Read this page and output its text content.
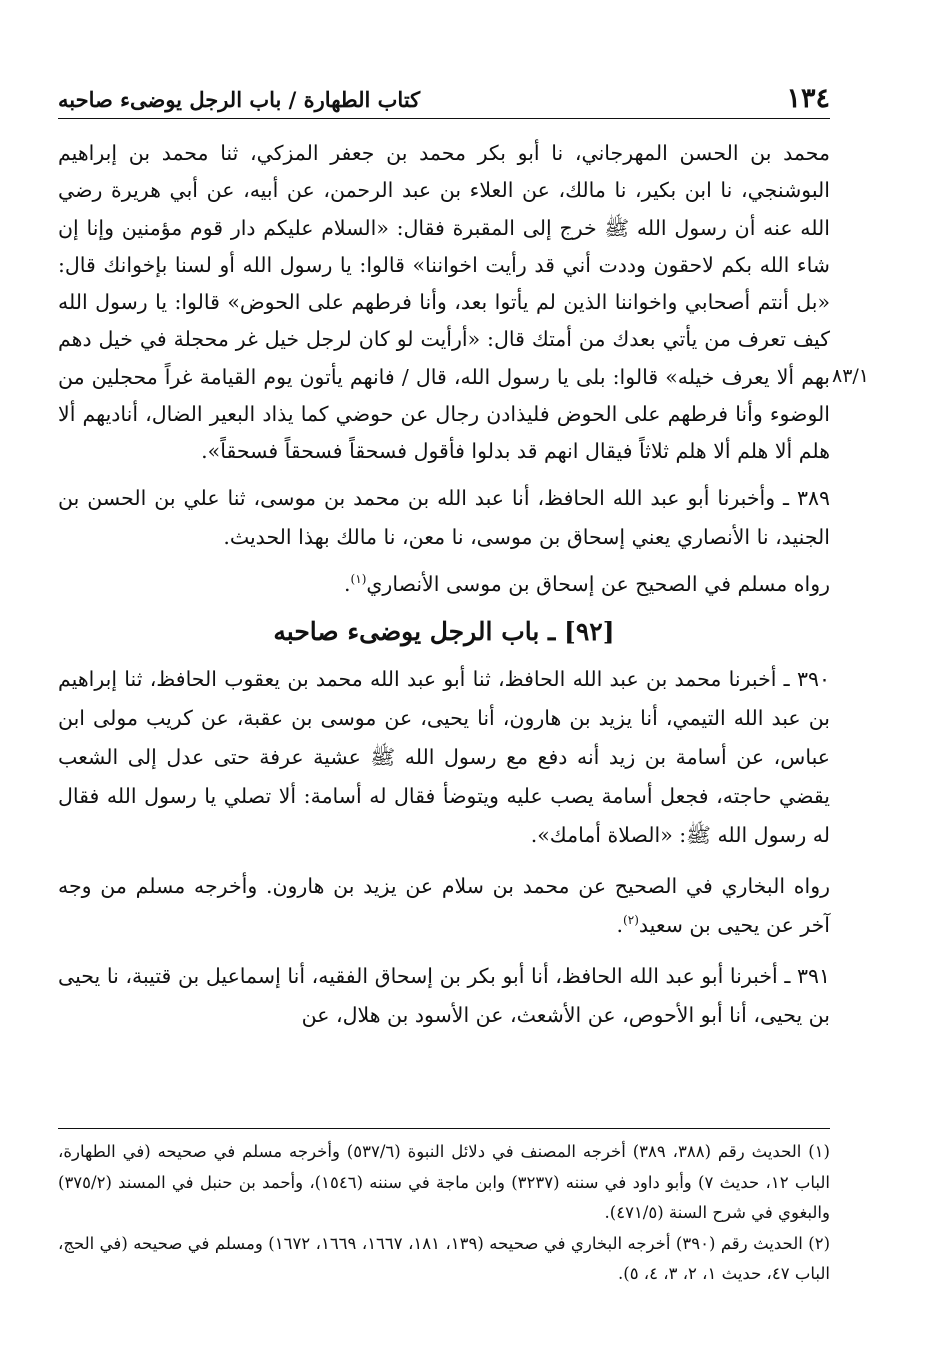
١٣٤
كتاب الطهارة / باب الرجل يوضىء صاحبه
٨٣/١

محمد بن الحسن المهرجاني، نا أبو بكر محمد بن جعفر المزكي، ثنا محمد بن إبراهيم البوشنجي، نا ابن بكير، نا مالك، عن العلاء بن عبد الرحمن، عن أبيه، عن أبي هريرة رضي الله عنه أن رسول الله ﷺ خرج إلى المقبرة فقال: «السلام عليكم دار قوم مؤمنين وإنا إن شاء الله بكم لاحقون وددت أني قد رأيت اخواننا» قالوا: يا رسول الله أو لسنا بإخوانك قال: «بل أنتم أصحابي واخواننا الذين لم يأتوا بعد، وأنا فرطهم على الحوض» قالوا: يا رسول الله كيف تعرف من يأتي بعدك من أمتك قال: «أرأيت لو كان لرجل خيل غر محجلة في خيل دهم بهم ألا يعرف خيله» قالوا: بلى يا رسول الله، قال / فانهم يأتون يوم القيامة غراً محجلين من الوضوء وأنا فرطهم على الحوض فليذادن رجال عن حوضي كما يذاد البعير الضال، أناديهم ألا هلم ألا هلم ألا هلم ثلاثاً فيقال انهم قد بدلوا فأقول فسحقاً فسحقاً فسحقاً».

٣٨٩ ـ وأخبرنا أبو عبد الله الحافظ، أنا عبد الله بن محمد بن موسى، ثنا علي بن الحسن بن الجنيد، نا الأنصاري يعني إسحاق بن موسى، نا معن، نا مالك بهذا الحديث.

رواه مسلم في الصحيح عن إسحاق بن موسى الأنصاري$^{(١)}$.

[٩٢] ـ باب الرجل يوضىء صاحبه

٣٩٠ ـ أخبرنا محمد بن عبد الله الحافظ، ثنا أبو عبد الله محمد بن يعقوب الحافظ، ثنا إبراهيم بن عبد الله التيمي، أنا يزيد بن هارون، أنا يحيى، عن موسى بن عقبة، عن كريب مولى ابن عباس، عن أسامة بن زيد أنه دفع مع رسول الله ﷺ عشية عرفة حتى عدل إلى الشعب يقضي حاجته، فجعل أسامة يصب عليه ويتوضأ فقال له أسامة: ألا تصلي يا رسول الله فقال له رسول الله ﷺ: «الصلاة أمامك».

رواه البخاري في الصحيح عن محمد بن سلام عن يزيد بن هارون. وأخرجه مسلم من وجه آخر عن يحيى بن سعيد$^{(٢)}$.

٣٩١ ـ أخبرنا أبو عبد الله الحافظ، أنا أبو بكر بن إسحاق الفقيه، أنا إسماعيل بن قتيبة، نا يحيى بن يحيى، أنا أبو الأحوص، عن الأشعث، عن الأسود بن هلال، عن

(١) الحديث رقم (٣٨٨، ٣٨٩) أخرجه المصنف في دلائل النبوة (٥٣٧/٦) وأخرجه مسلم في صحيحه (في الطهارة، الباب ١٢، حديث ٧) وأبو داود في سننه (٣٢٣٧) وابن ماجة في سننه (١٥٤٦)، وأحمد بن حنبل في المسند (٣٧٥/٢) والبغوي في شرح السنة (٤٧١/٥).

(٢) الحديث رقم (٣٩٠) أخرجه البخاري في صحيحه (١٣٩، ١٨١، ١٦٦٧، ١٦٦٩، ١٦٧٢) ومسلم في صحيحه (في الحج، الباب ٤٧، حديث ١، ٢، ٣، ٤، ٥).
